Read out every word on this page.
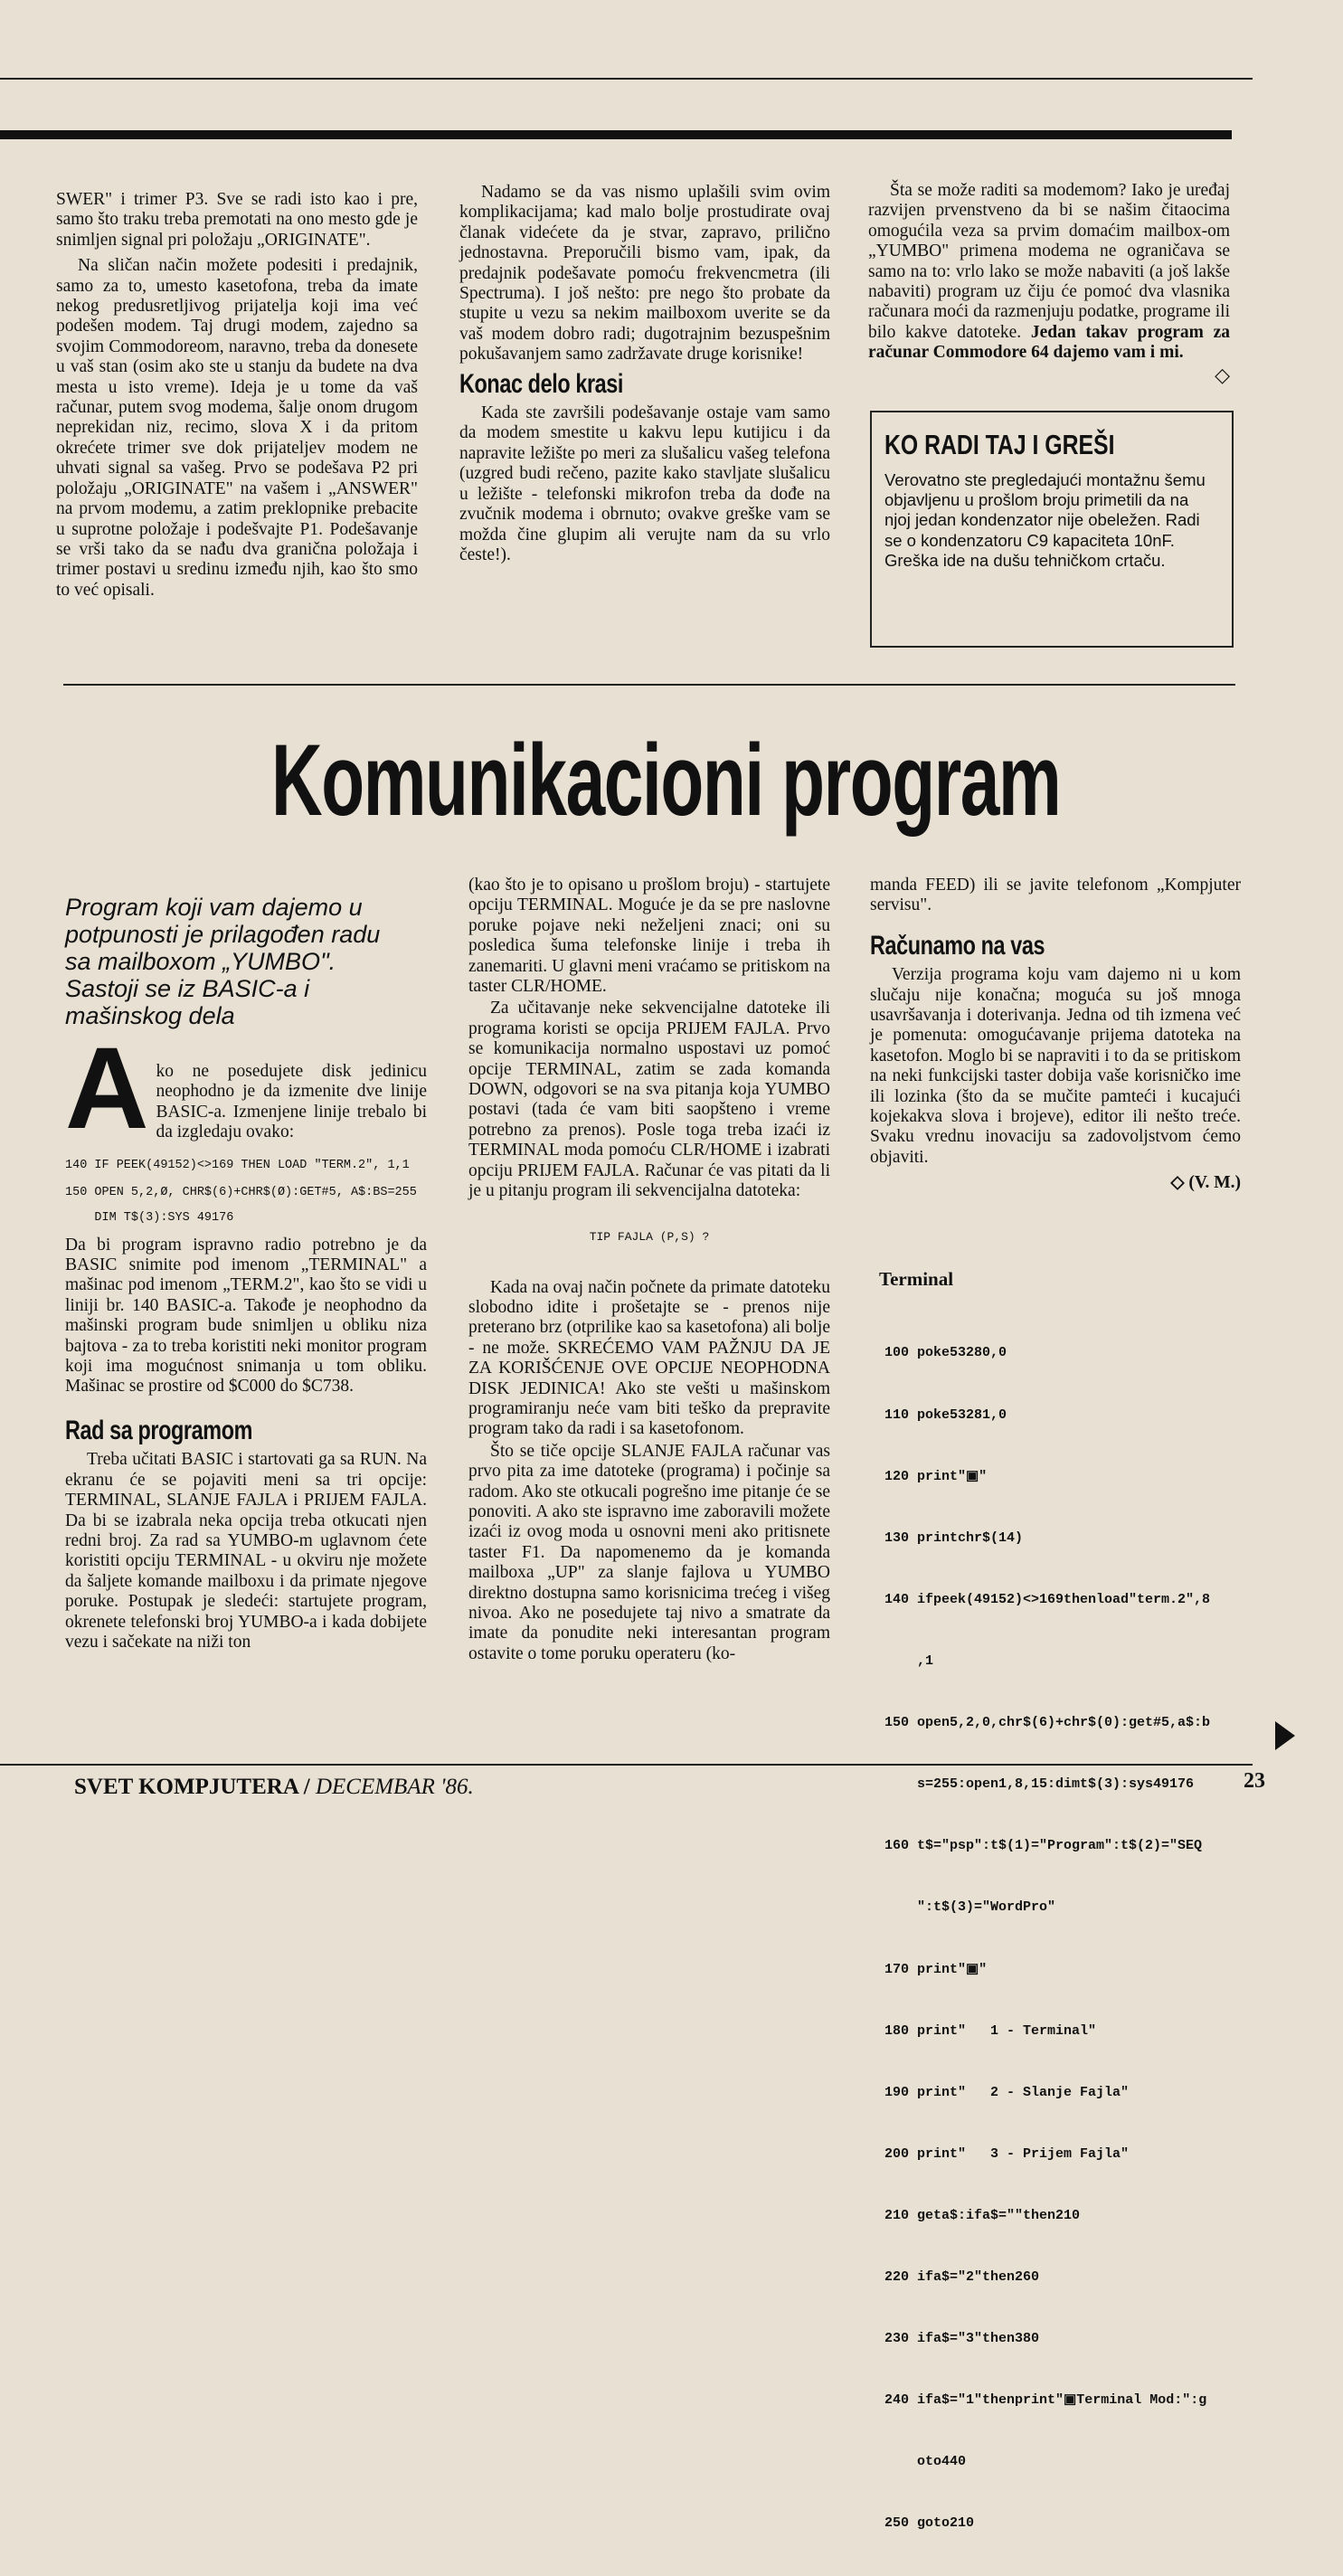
SWER" i trimer P3. Sve se radi isto kao i pre, samo što traku treba premotati na ono mesto gde je snimljen signal pri položaju „ORIGINATE".

Na sličan način možete podesiti i predajnik, samo za to, umesto kasetofona, treba da imate nekog predusretljivog prijatelja koji ima već podešen modem. Taj drugi modem, zajedno sa svojim Commodoreom, naravno, treba da donesete u vaš stan (osim ako ste u stanju da budete na dva mesta u isto vreme). Ideja je u tome da vaš računar, putem svog modema, šalje onom drugom neprekidan niz, recimo, slova X i da pritom okrećete trimer sve dok prijateljev modem ne uhvati signal sa vašeg. Prvo se podešava P2 pri položaju „ORIGINATE" na vašem i „ANSWER" na prvom modemu, a zatim preklopnike prebacite u suprotne položaje i podešvajte P1. Podešavanje se vrši tako da se nađu dva granična položaja i trimer postavi u sredinu između njih, kao što smo to već opisali.

Nadamo se da vas nismo uplašili svim ovim komplikacijama; kad malo bolje prostudirate ovaj članak videćete da je stvar, zapravo, prilično jednostavna. Preporučili bismo vam, ipak, da predajnik podešavate pomoću frekvencmetra (ili Spectruma). I još nešto: pre nego što probate da stupite u vezu sa nekim mailboxom uverite se da vaš modem dobro radi; dugotrajnim bezuspešnim pokušavanjem samo zadržavate druge korisnike!

Konac delo krasi

Kada ste završili podešavanje ostaje vam samo da modem smestite u kakvu lepu kutijicu i da napravite ležište po meri za slušalicu vašeg telefona (uzgred budi rečeno, pazite kako stavljate slušalicu u ležište - telefonski mikrofon treba da dođe na zvučnik modema i obrnuto; ovakve greške vam se možda čine glupim ali verujte nam da su vrlo česte!).

Šta se može raditi sa modemom? Iako je uređaj razvijen prvenstveno da bi se našim čitaocima omogućila veza sa prvim domaćim mailbox-om „YUMBO" primena modema ne ograničava se samo na to: vrlo lako se može nabaviti (a još lakše nabaviti) program uz čiju će pomoć dva vlasnika računara moći da razmenjuju podatke, programe ili bilo kakve datoteke. Jedan takav program za računar Commodore 64 dajemo vam i mi.

◇
KO RADI TAJ I GREŠI
Verovatno ste pregledajući montažnu šemu objavljenu u prošlom broju primetili da na njoj jedan kondenzator nije obeležen. Radi se o kondenzatoru C9 kapaciteta 10nF. Greška ide na dušu tehničkom crtaču.
Komunikacioni program
Program koji vam dajemo u potpunosti je prilagođen radu sa mailboxom „YUMBO". Sastoji se iz BASIC-a i mašinskog dela
A ko ne posedujete disk jedinicu neophodno je da izmenite dve linije BASIC-a. Izmenjene linije trebalo bi da izgledaju ovako:

140 IF PEEK(49152)<>169 THEN LOAD "TERM.2", 1,1
150 OPEN 5,2,Ø, CHR$(6)+CHR$(Ø):GET#5, A$:BS=255
DIM T$(3):SYS 49176

Da bi program ispravno radio potrebno je da BASIC snimite pod imenom „TERMINAL" a mašinac pod imenom „TERM.2", kao što se vidi u liniji br. 140 BASIC-a. Takođe je neophodno da mašinski program bude snimljen u obliku niza bajtova - za to treba koristiti neki monitor program koji ima mogućnost snimanja u tom obliku. Mašinac se prostire od $C000 do $C738.

Rad sa programom

Treba učitati BASIC i startovati ga sa RUN. Na ekranu će se pojaviti meni sa tri opcije: TERMINAL, SLANJE FAJLA i PRIJEM FAJLA. Da bi se izabrala neka opcija treba otkucati njen redni broj. Za rad sa YUMBO-m uglavnom ćete koristiti opciju TERMINAL - u okviru nje možete da šaljete komande mailboxu i da primate njegove poruke. Postupak je sledeći: startujete program, okrenete telefonski broj YUMBO-a i kada dobijete vezu i sačekate na niži ton

(kao što je to opisano u prošlom broju) - startujete opciju TERMINAL. Moguće je da se pre naslovne poruke pojave neki neželjeni znaci; oni su posledica šuma telefonske linije i treba ih zanemariti. U glavni meni vraćamo se pritiskom na taster CLR/HOME.

Za učitavanje neke sekvencijalne datoteke ili programa koristi se opcija PRIJEM FAJLA. Prvo se komunikacija normalno uspostavi uz pomoć opcije TERMINAL, zatim se zada komanda DOWN, odgovori se na sva pitanja koja YUMBO postavi (tada će vam biti saopšteno i vreme potrebno za prenos). Posle toga treba izaći iz TERMINAL moda pomoću CLR/HOME i izabrati opciju PRIJEM FAJLA. Računar će vas pitati da li je u pitanju program ili sekvencijalna datoteka:

TIP FAJLA (P,S) ?

Kada na ovaj način počnete da primate datoteku slobodno idite i prošetajte se - prenos nije preterano brz (otprilike kao sa kasetofona) ali bolje - ne može. SKREĆEMO VAM PAŽNJU DA JE ZA KORIŠĆENJE OVE OPCIJE NEOPHODNA DISK JEDINICA! Ako ste vešti u mašinskom programiranju neće vam biti teško da prepravite program tako da radi i sa kasetofonom.

Što se tiče opcije SLANJE FAJLA računar vas prvo pita za ime datoteke (programa) i počinje sa radom. Ako ste otkucali pogrešno ime pitanje će se ponoviti. A ako ste ispravno ime zaboravili možete izaći iz ovog moda u osnovni meni ako pritisnete taster F1. Da napomenemo da je komanda mailboxa „UP" za slanje fajlova u YUMBO direktno dostupna samo korisnicima trećeg i višeg nivoa. Ako ne posedujete taj nivo a smatrate da imate da ponudite neki interesantan program ostavite o tome poruku operateru (ko-

manda FEED) ili se javite telefonom „Kompjuter servisu".

Računamo na vas

Verzija programa koju vam dajemo ni u kom slučaju nije konačna; moguća su još mnoga usavršavanja i doterivanja. Jedna od tih izmena već je pomenuta: omogućavanje prijema datoteka na kasetofon. Moglo bi se napraviti i to da se pritiskom na neki funkcijski taster dobija vaše korisničko ime ili lozinka (što da se mučite pamteći i kucajući kojekakva slova i brojeve), editor ili nešto treće. Svaku vrednu inovaciju sa zadovoljstvom ćemo objaviti.

◇ (V. M.)
Terminal

100 poke53280,0

110 poke53281,0

120 print"▣"

130 printchr$(14)

140 ifpeek(49152)<>169thenload"term.2",8

,1

150 open5,2,0,chr$(6)+chr$(0):get#5,a$:b

s=255:open1,8,15:dimt$(3):sys49176

160 t$="psp":t$(1)="Program":t$(2)="SEQ

":t$(3)="WordPro"

170 print"▣"

180 print"   1 - Terminal"

190 print"   2 - Slanje Fajla"

200 print"   3 - Prijem Fajla"

210 geta$:ifa$=""then210

220 ifa$="2"then260

230 ifa$="3"then380

240 ifa$="1"thenprint"▣Terminal Mod:":g

oto440

250 goto210

SVET KOMPJUTERA / DECEMBAR '86.	23
